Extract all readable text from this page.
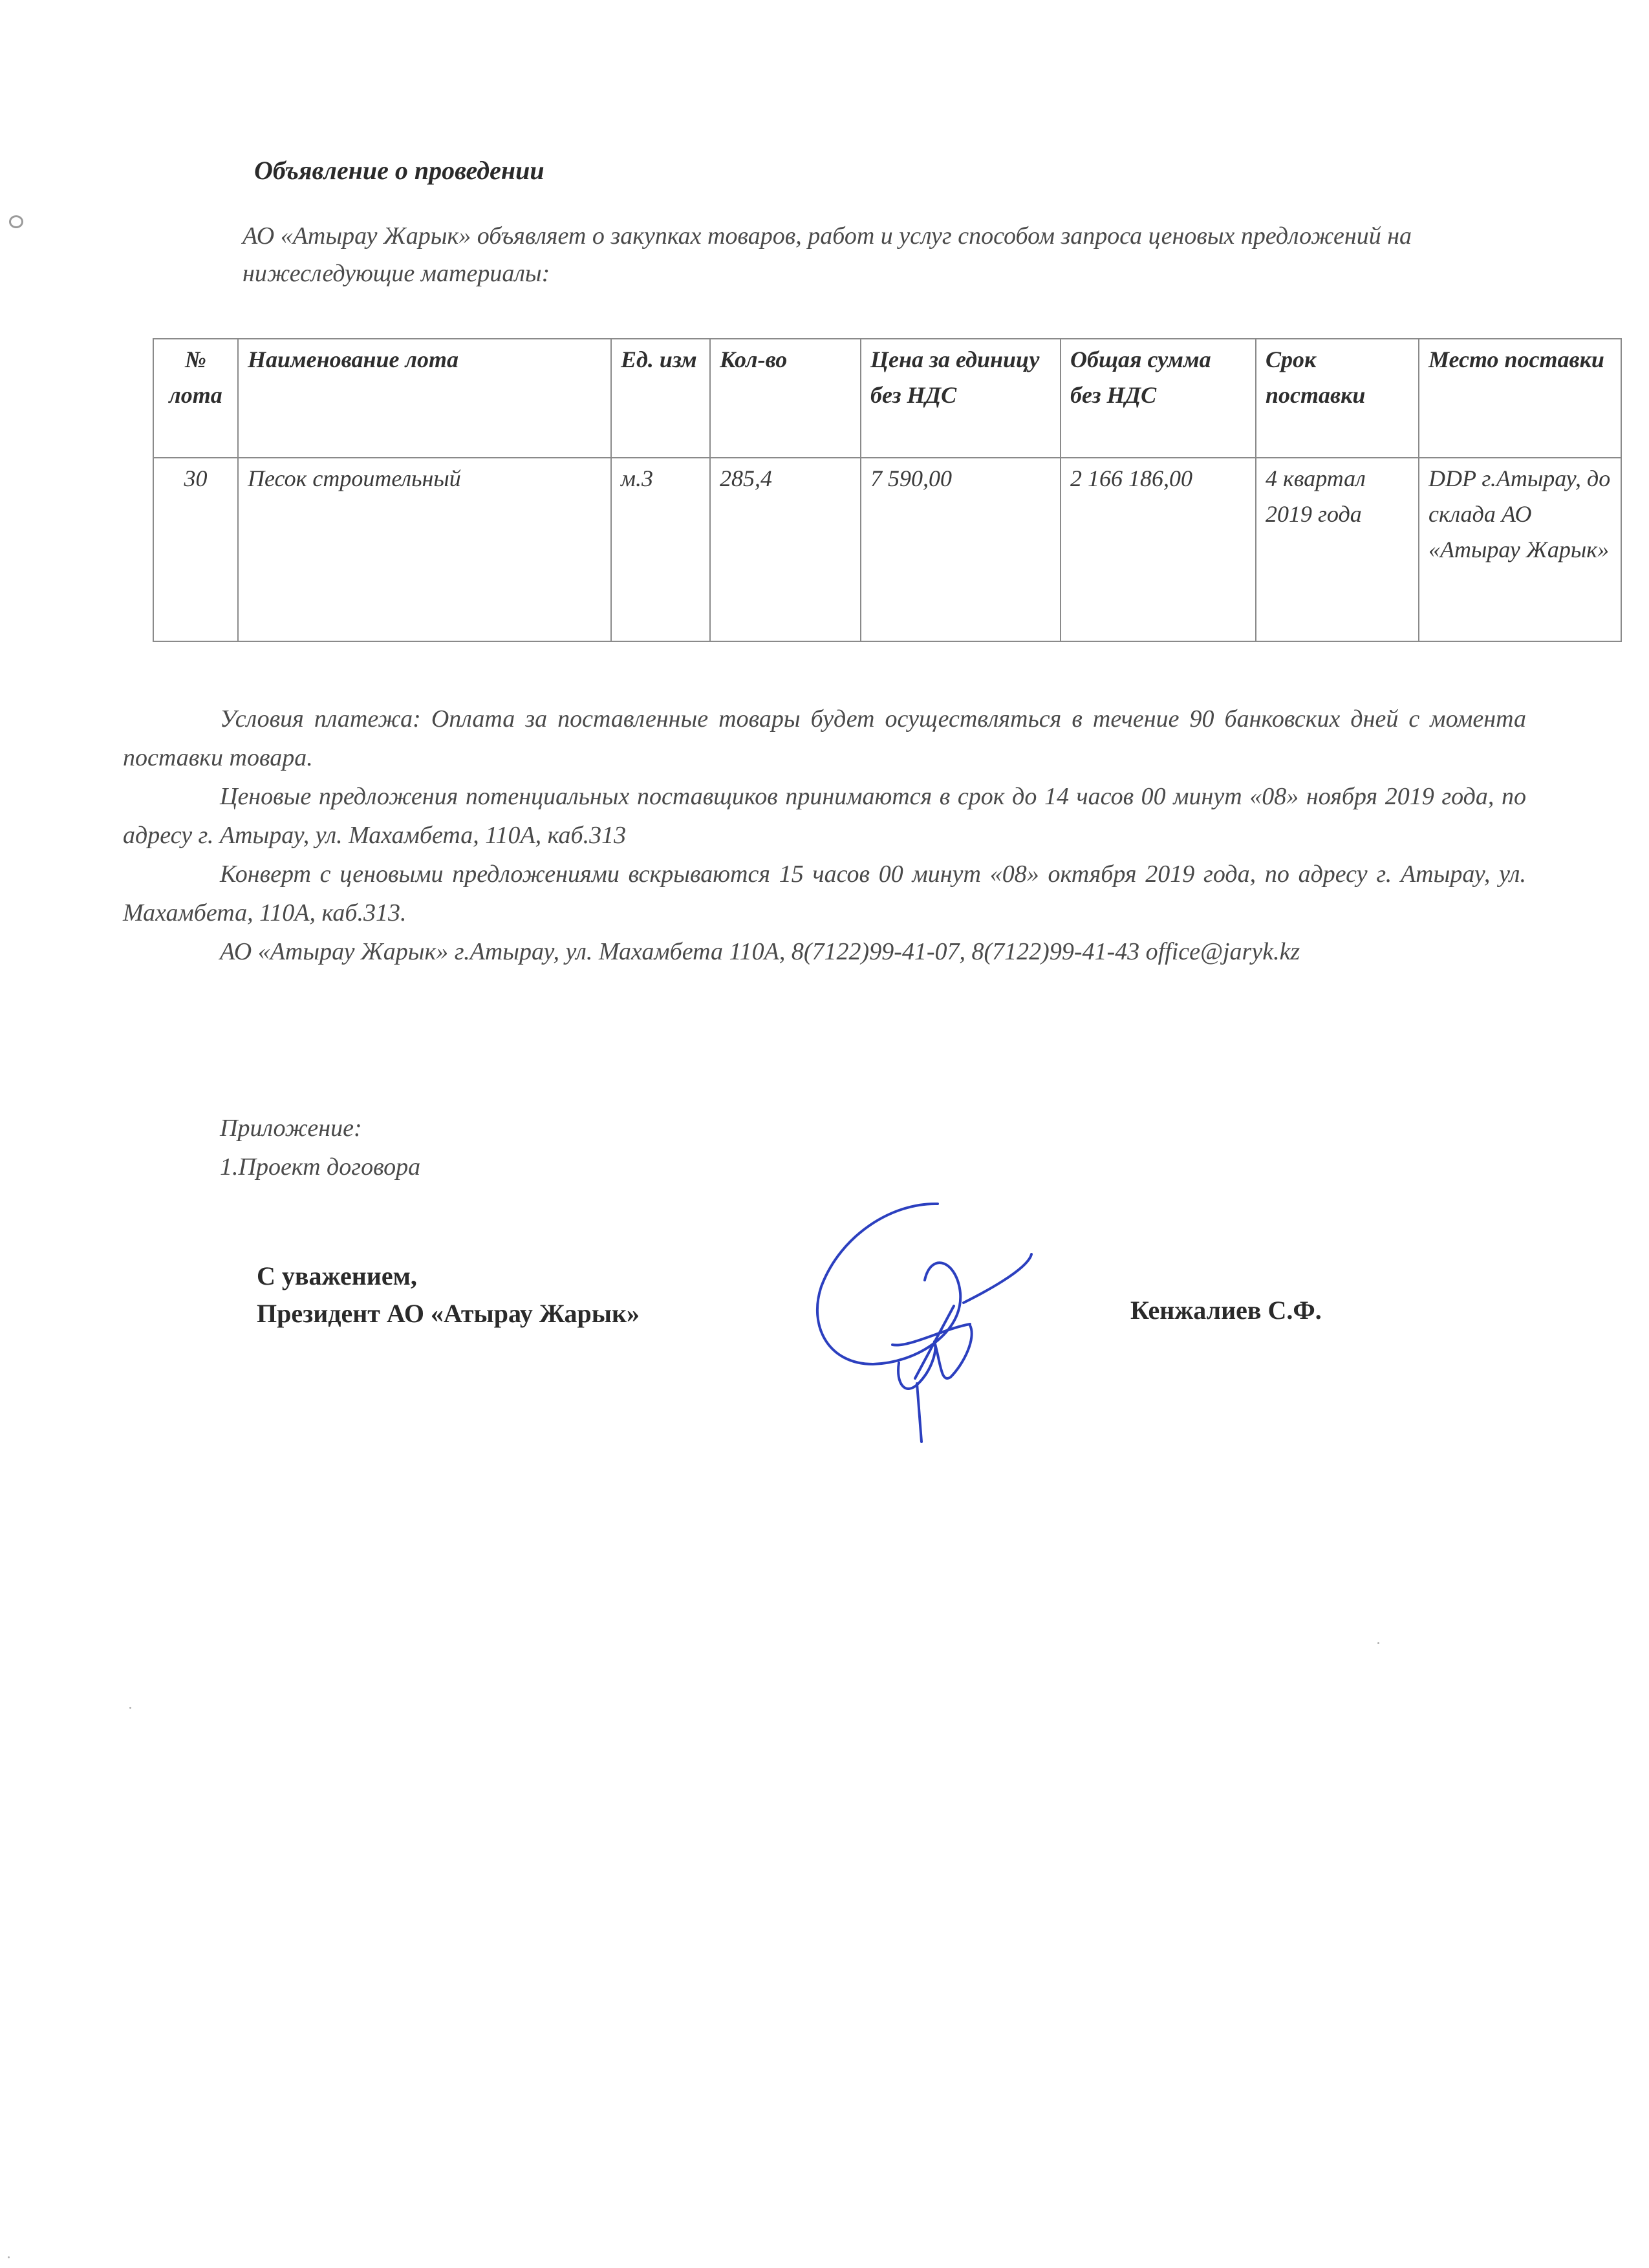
Объявление о проведении
АО «Атырау Жарык» объявляет о закупках товаров, работ и услуг способом запроса ценовых предложений на нижеследующие материалы:
№ лота	Наименование лота	Ед. изм	Кол-во	Цена за единицу без НДС	Общая сумма без НДС	Срок поставки	Место поставки
30	Песок строительный	м.3	285,4	7 590,00	2 166 186,00	4 квартал 2019 года	DDP г.Атырау, до склада АО «Атырау Жарык»
Условия платежа: Оплата за поставленные товары будет осуществляться в течение 90 банковских дней с момента поставки товара.
Ценовые предложения потенциальных поставщиков принимаются в срок до 14 часов 00 минут «08» ноября 2019 года, по адресу г. Атырау, ул. Махамбета, 110А, каб.313
Конверт с ценовыми предложениями вскрываются 15 часов 00 минут «08» октября 2019 года, по адресу г. Атырау, ул. Махамбета, 110А, каб.313.
АО «Атырау Жарык» г.Атырау, ул. Махамбета 110А, 8(7122)99-41-07, 8(7122)99-41-43 office@jaryk.kz
Приложение:
1.Проект договора
С уважением,
Президент АО «Атырау Жарык»	Кенжалиев С.Ф.
